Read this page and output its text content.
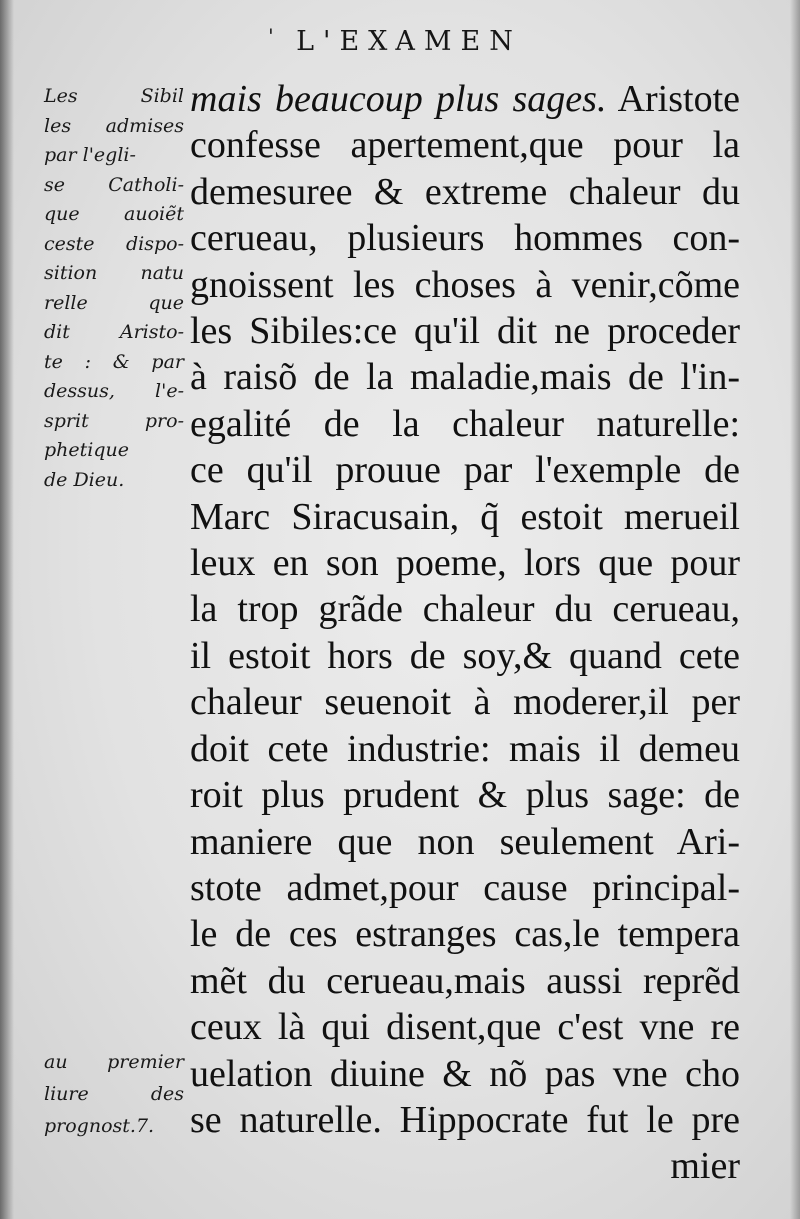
' L'EXAMEN
Les Sibil
les admises
par l'egli-
se Catholi-
que auoiẽt
ceste dispo-
sition natu
relle que
dit Aristo-
te : & par
dessus, l'e-
sprit pro-
phetique
de Dieu.
au premier
liure des
prognost.7.
mais beaucoup plus sages. Aristote
confesse apertement,que pour la
demesuree & extreme chaleur du
cerueau, plusieurs hommes con-
gnoissent les choses à venir,cõme
les Sibiles:ce qu'il dit ne proceder
à raisõ de la maladie,mais de l'in-
egalité de la chaleur naturelle:
ce qu'il prouue par l'exemple de
Marc Siracusain, q̃ estoit merueil
leux en son poeme, lors que pour
la trop grãde chaleur du cerueau,
il estoit hors de soy,& quand cete
chaleur seuenoit à moderer,il per
doit cete industrie: mais il demeu
roit plus prudent & plus sage: de
maniere que non seulement Ari-
stote admet,pour cause principal-
le de ces estranges cas,le tempera
mẽt du cerueau,mais aussi reprẽd
ceux là qui disent,que c'est vne re
uelation diuine & nõ pas vne cho
se naturelle. Hippocrate fut le pre
mier
